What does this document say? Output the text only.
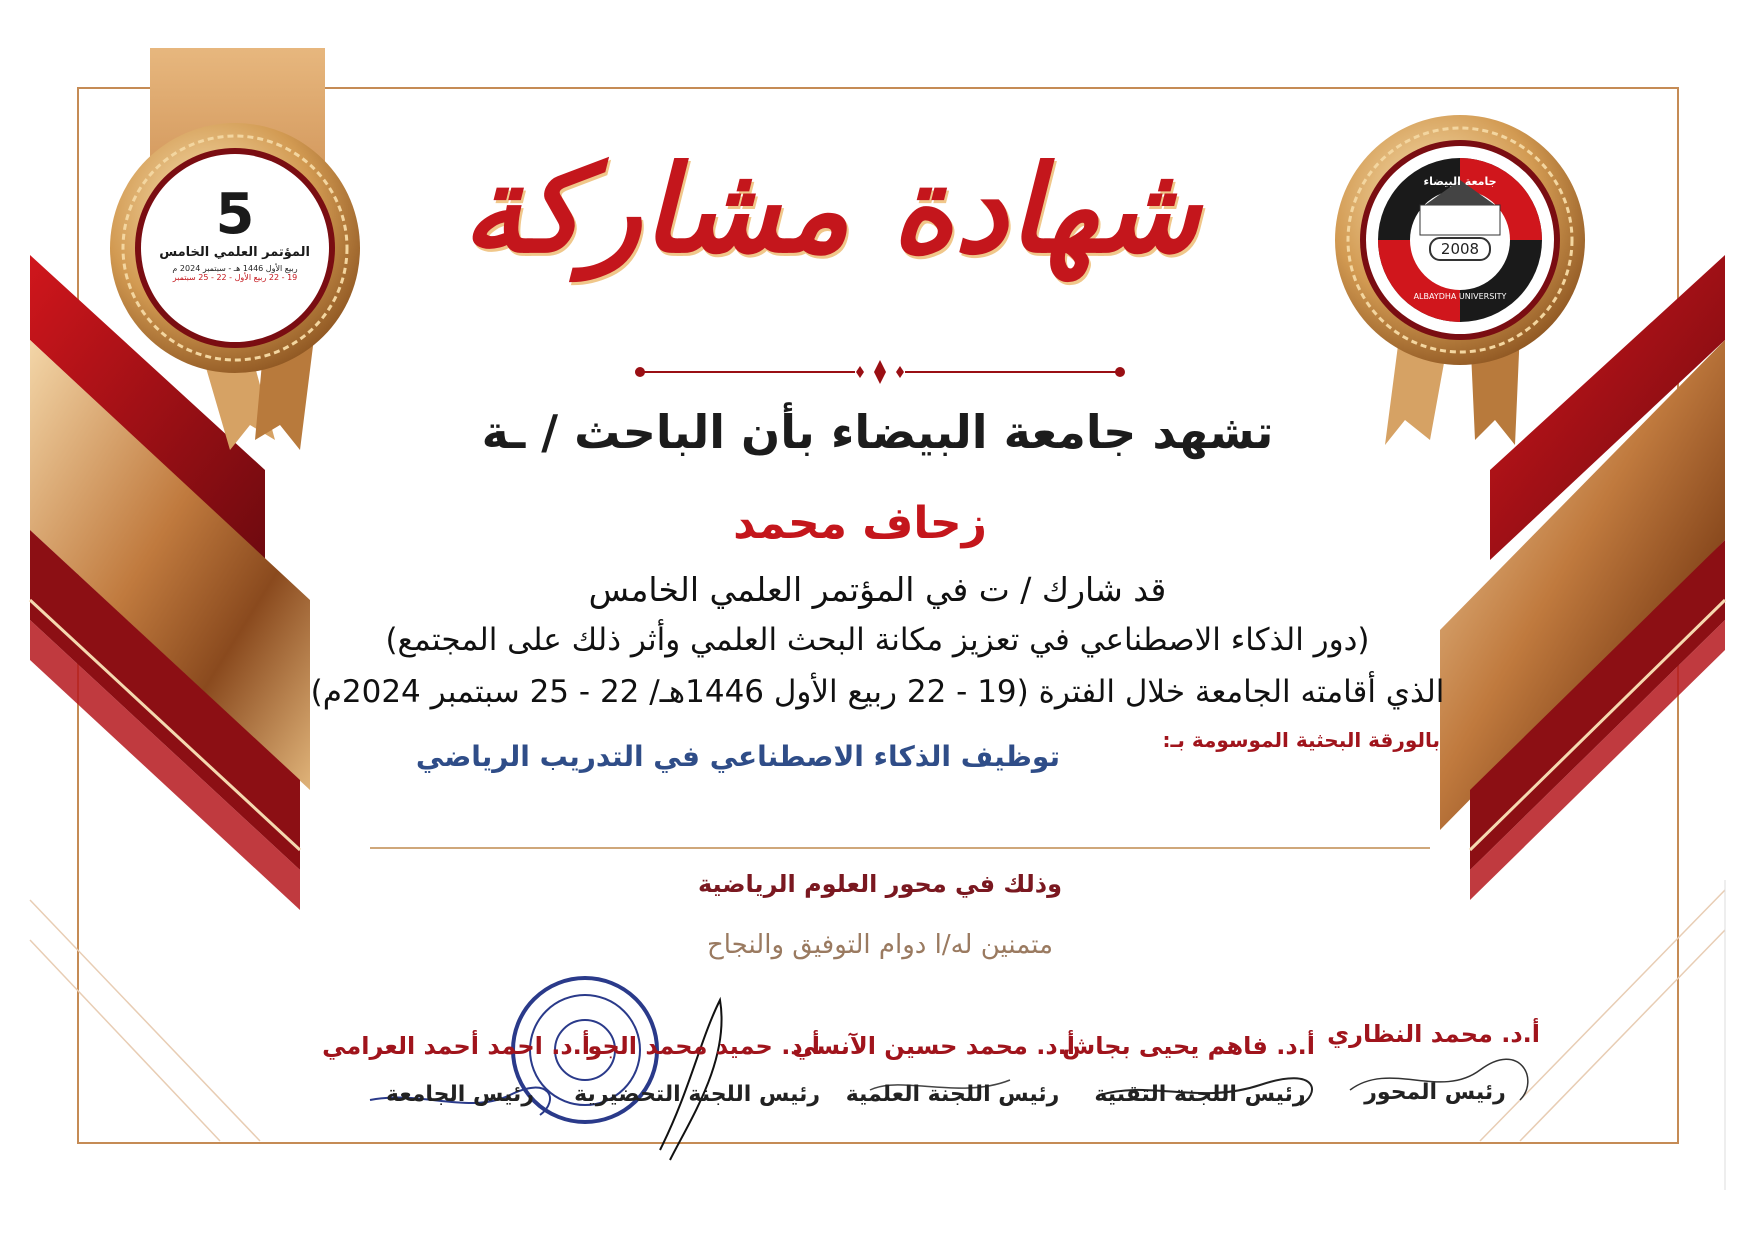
شهادة مشاركة
5
المؤتمر العلمي الخامس
ربيع الأول 1446 هـ - سبتمبر 2024 م
19 - 22 ربيع الأول - 22 - 25 سبتمبر
جامعة البيضاء
2008
ALBAYDHA UNIVERSITY
تشهد جامعة البيضاء بأن الباحث / ـة
زحاف محمد
قد شارك / ت في المؤتمر العلمي الخامس
(دور الذكاء الاصطناعي في تعزيز مكانة البحث العلمي وأثر ذلك على المجتمع)
الذي أقامته الجامعة خلال الفترة (19 - 22 ربيع الأول 1446هـ/ 22 - 25 سبتمبر 2024م)
بالورقة البحثية الموسومة بـ:
توظيف الذكاء الاصطناعي في التدريب الرياضي
وذلك في محور العلوم الرياضية
متمنين له/ا دوام التوفيق والنجاح
أ.د. محمد النظاري
رئيس المحور
أ.د. فاهم يحيى بجاش
رئيس اللجنة التقنية
أ.د. محمد حسين الآنسي
رئيس اللجنة العلمية
أ.د. حميد محمد الجو
رئيس اللجنة التحضيرية
أ.د. احمد أحمد العرامي
رئيس الجامعة
